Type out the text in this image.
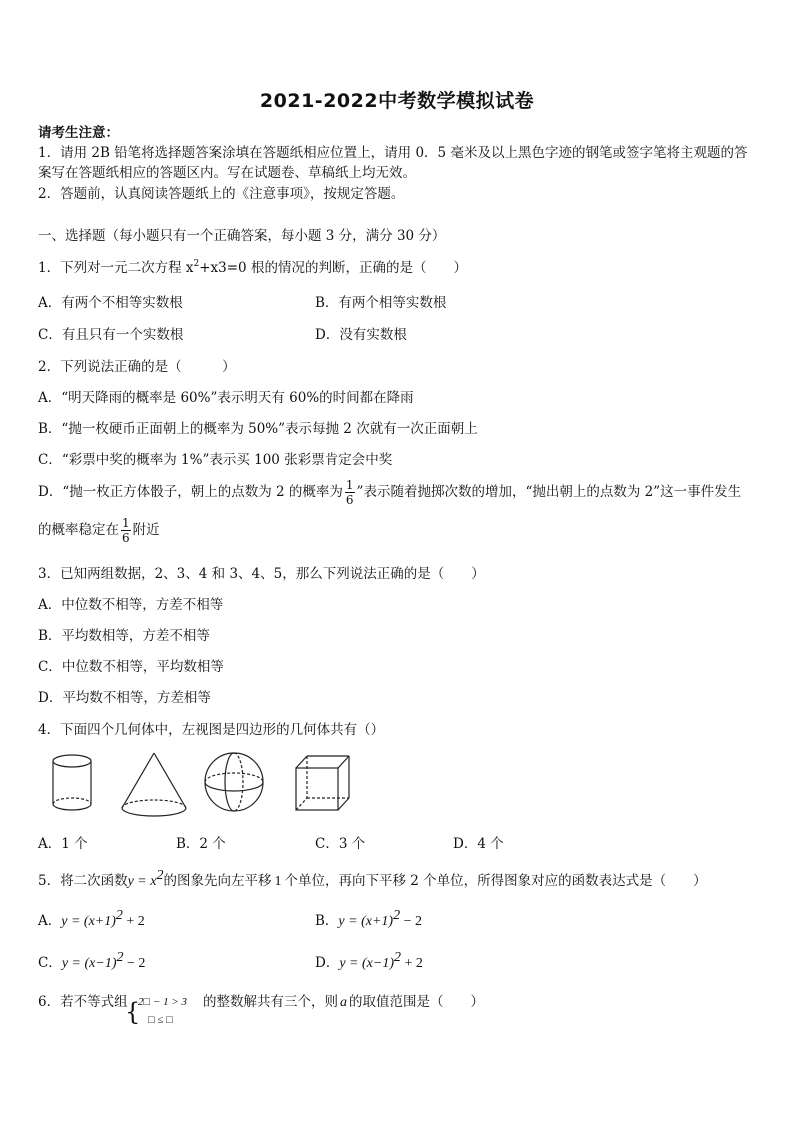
2021-2022中考数学模拟试卷
请考生注意：
1．请用 2B 铅笔将选择题答案涂填在答题纸相应位置上，请用 0．5 毫米及以上黑色字迹的钢笔或签字笔将主观题的答
案写在答题纸相应的答题区内。写在试题卷、草稿纸上均无效。
2．答题前，认真阅读答题纸上的《注意事项》，按规定答题。
一、选择题（每小题只有一个正确答案，每小题 3 分，满分 30 分）
1．下列对一元二次方程 $x^2+x3=0$ 根的情况的判断，正确的是（　　）
A．有两个不相等实数根	B．有两个相等实数根
C．有且只有一个实数根	D．没有实数根
2．下列说法正确的是（　　　）
A．“明天降雨的概率是 60%”表示明天有 60%的时间都在降雨
B．“抛一枚硬币正面朝上的概率为 50%”表示每抛 2 次就有一次正面朝上
C．“彩票中奖的概率为 1%”表示买 100 张彩票肯定会中奖
D．“抛一枚正方体骰子，朝上的点数为 2 的概率为 $\frac{1}{6}$ ”表示随着抛掷次数的增加，“抛出朝上的点数为 2”这一事件发生
的概率稳定在 $\frac{1}{6}$ 附近
3．已知两组数据，2、3、4 和 3、4、5，那么下列说法正确的是（　　）
A．中位数不相等，方差不相等
B．平均数相等，方差不相等
C．中位数不相等，平均数相等
D．平均数不相等，方差相等
4．下面四个几何体中，左视图是四边形的几何体共有（）
A．1 个	B．2 个	C．3 个	D．4 个
5．将二次函数$y = x^2$的图象先向左平移 1 个单位，再向下平移 2 个单位，所得图象对应的函数表达式是（　　）
A．$y = (x+1)^2 + 2$	B．$y = (x+1)^2 - 2$
C．$y = (x-1)^2 - 2$	D．$y = (x-1)^2 + 2$
6．若不等式组
{
2□ − 1 > 3
□ ≤ □
的整数解共有三个，则 a 的取值范围是（　　）
